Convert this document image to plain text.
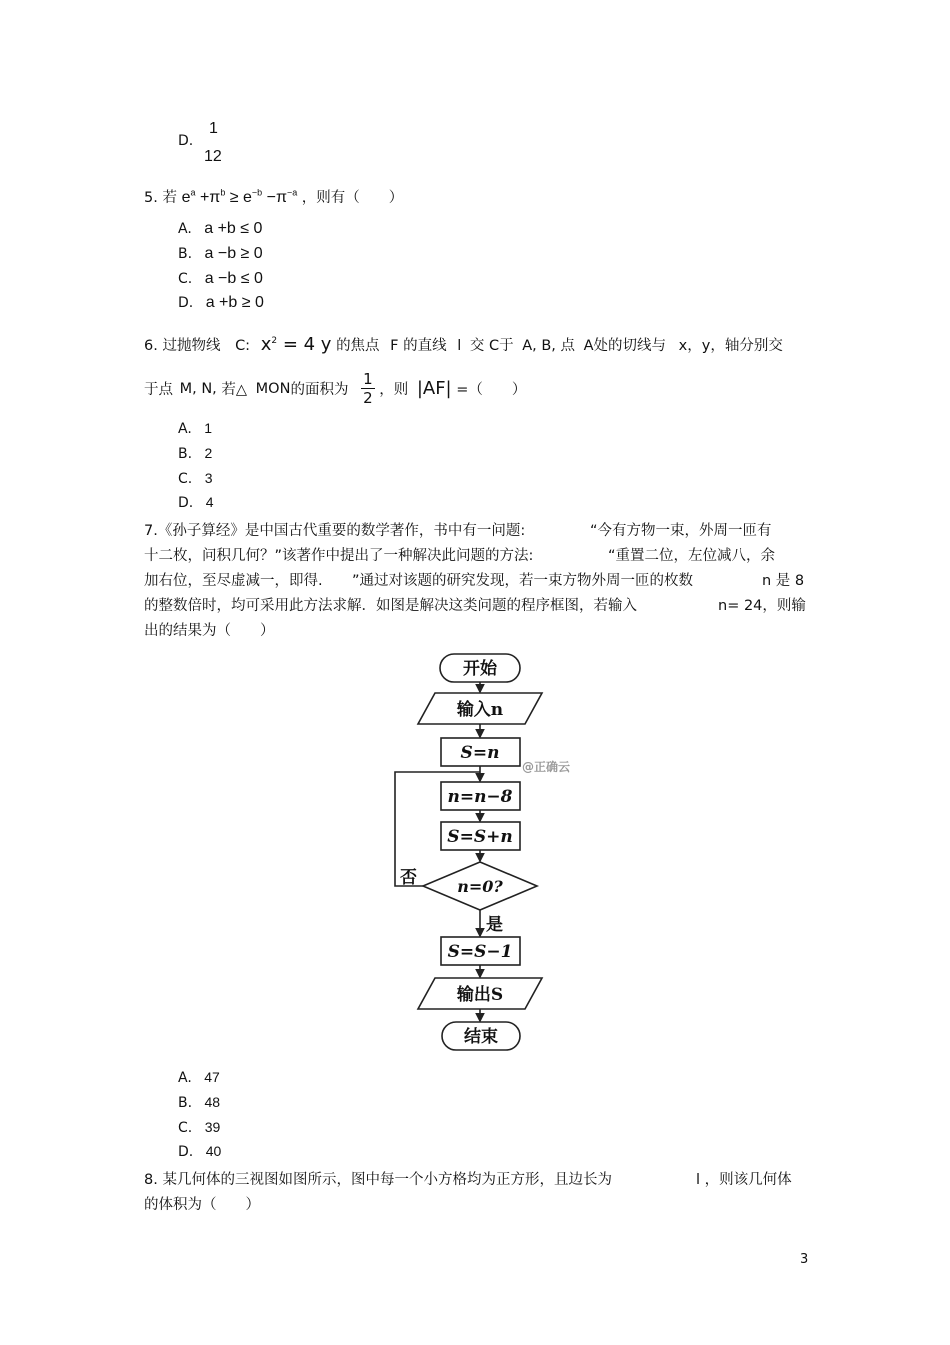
D.
1
12
5. 若 $e^a +\pi^b \ge e^{-b} -\pi^{-a}$ ，则有（　　）
A. a +b ≤ 0
B. a −b ≥ 0
C. a −b ≤ 0
D. a +b ≥ 0
6. 过抛物线 C: $x^2 = 4$ y 的焦点 F 的直线 l 交 C于 A, B, 点 A处的切线与 x，y，轴分别交
于点 M, N, 若△ MON的面积为 $\frac{1}{2}$ ，则 |AF| =（　　）
A. 1
B. 2
C. 3
D. 4
7.《孙子算经》是中国古代重要的数学著作，书中有一问题:	“今有方物一束，外周一匝有
十二枚，问积几何？”该著作中提出了一种解决此问题的方法:	“重置二位，左位减八，余
加右位，至尽虚减一，即得. ”通过对该题的研究发现，若一束方物外周一匝的枚数	n 是 8
的整数倍时，均可采用此方法求解．如图是解决这类问题的程序框图，若输入	n= 24，则输
出的结果为（　　）
开始
输入n
S=n
@正确云
n=n−8
S=S+n
n=0?
否
是
S=S−1
输出S
结束
A. 47
B. 48
C. 39
D. 40
8. 某几何体的三视图如图所示，图中每一个小方格均为正方形，且边长为	l ，则该几何体
的体积为（　　）
3
